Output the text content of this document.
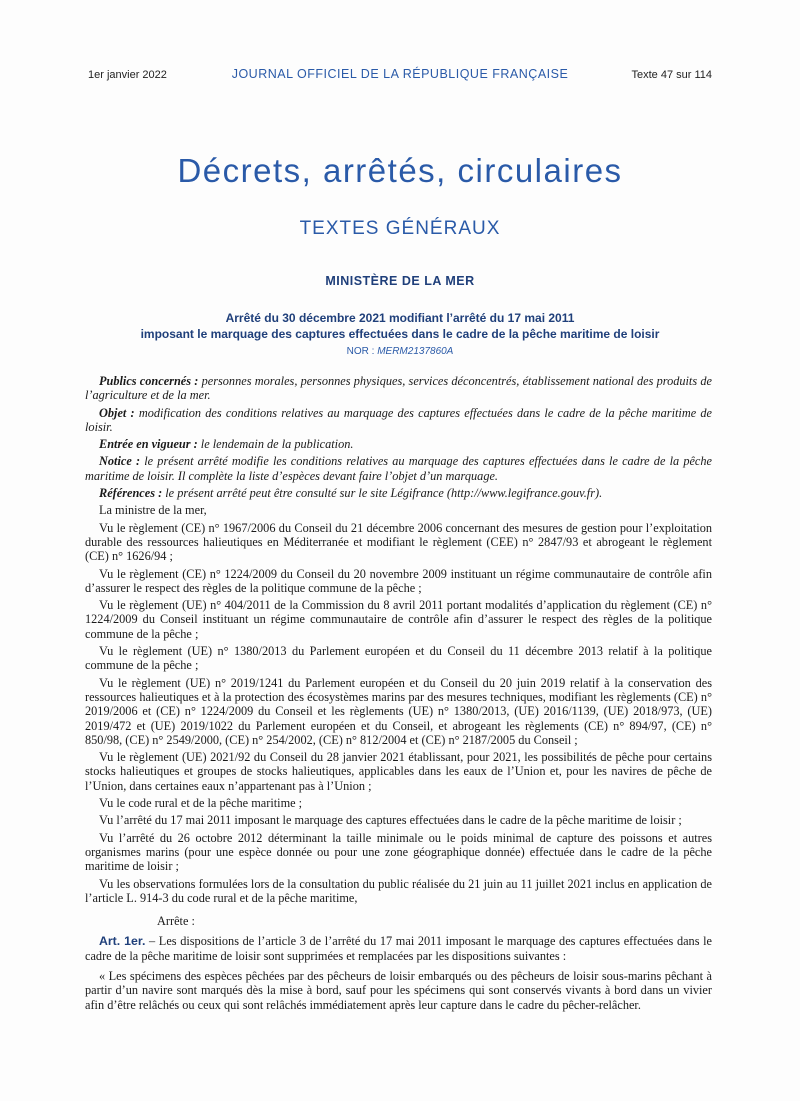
1er janvier 2022	JOURNAL OFFICIEL DE LA RÉPUBLIQUE FRANÇAISE	Texte 47 sur 114
Décrets, arrêtés, circulaires
TEXTES GÉNÉRAUX
MINISTÈRE DE LA MER
Arrêté du 30 décembre 2021 modifiant l’arrêté du 17 mai 2011
imposant le marquage des captures effectuées dans le cadre de la pêche maritime de loisir
NOR : MERM2137860A

Publics concernés : personnes morales, personnes physiques, services déconcentrés, établissement national des produits de l’agriculture et de la mer.

Objet : modification des conditions relatives au marquage des captures effectuées dans le cadre de la pêche maritime de loisir.

Entrée en vigueur : le lendemain de la publication.

Notice : le présent arrêté modifie les conditions relatives au marquage des captures effectuées dans le cadre de la pêche maritime de loisir. Il complète la liste d’espèces devant faire l’objet d’un marquage.

Références : le présent arrêté peut être consulté sur le site Légifrance (http://www.legifrance.gouv.fr).

La ministre de la mer,

Vu le règlement (CE) n° 1967/2006 du Conseil du 21 décembre 2006 concernant des mesures de gestion pour l’exploitation durable des ressources halieutiques en Méditerranée et modifiant le règlement (CEE) n° 2847/93 et abrogeant le règlement (CE) n° 1626/94 ;

Vu le règlement (CE) n° 1224/2009 du Conseil du 20 novembre 2009 instituant un régime communautaire de contrôle afin d’assurer le respect des règles de la politique commune de la pêche ;

Vu le règlement (UE) n° 404/2011 de la Commission du 8 avril 2011 portant modalités d’application du règlement (CE) n° 1224/2009 du Conseil instituant un régime communautaire de contrôle afin d’assurer le respect des règles de la politique commune de la pêche ;

Vu le règlement (UE) n° 1380/2013 du Parlement européen et du Conseil du 11 décembre 2013 relatif à la politique commune de la pêche ;

Vu le règlement (UE) n° 2019/1241 du Parlement européen et du Conseil du 20 juin 2019 relatif à la conservation des ressources halieutiques et à la protection des écosystèmes marins par des mesures techniques, modifiant les règlements (CE) n° 2019/2006 et (CE) n° 1224/2009 du Conseil et les règlements (UE) n° 1380/2013, (UE) 2016/1139, (UE) 2018/973, (UE) 2019/472 et (UE) 2019/1022 du Parlement européen et du Conseil, et abrogeant les règlements (CE) n° 894/97, (CE) n° 850/98, (CE) n° 2549/2000, (CE) n° 254/2002, (CE) n° 812/2004 et (CE) n° 2187/2005 du Conseil ;

Vu le règlement (UE) 2021/92 du Conseil du 28 janvier 2021 établissant, pour 2021, les possibilités de pêche pour certains stocks halieutiques et groupes de stocks halieutiques, applicables dans les eaux de l’Union et, pour les navires de pêche de l’Union, dans certaines eaux n’appartenant pas à l’Union ;

Vu le code rural et de la pêche maritime ;

Vu l’arrêté du 17 mai 2011 imposant le marquage des captures effectuées dans le cadre de la pêche maritime de loisir ;

Vu l’arrêté du 26 octobre 2012 déterminant la taille minimale ou le poids minimal de capture des poissons et autres organismes marins (pour une espèce donnée ou pour une zone géographique donnée) effectuée dans le cadre de la pêche maritime de loisir ;

Vu les observations formulées lors de la consultation du public réalisée du 21 juin au 11 juillet 2021 inclus en application de l’article L. 914-3 du code rural et de la pêche maritime,

Arrête :

Art. 1er. – Les dispositions de l’article 3 de l’arrêté du 17 mai 2011 imposant le marquage des captures effectuées dans le cadre de la pêche maritime de loisir sont supprimées et remplacées par les dispositions suivantes :

« Les spécimens des espèces pêchées par des pêcheurs de loisir embarqués ou des pêcheurs de loisir sous-marins pêchant à partir d’un navire sont marqués dès la mise à bord, sauf pour les spécimens qui sont conservés vivants à bord dans un vivier afin d’être relâchés ou ceux qui sont relâchés immédiatement après leur capture dans le cadre du pêcher-relâcher.
